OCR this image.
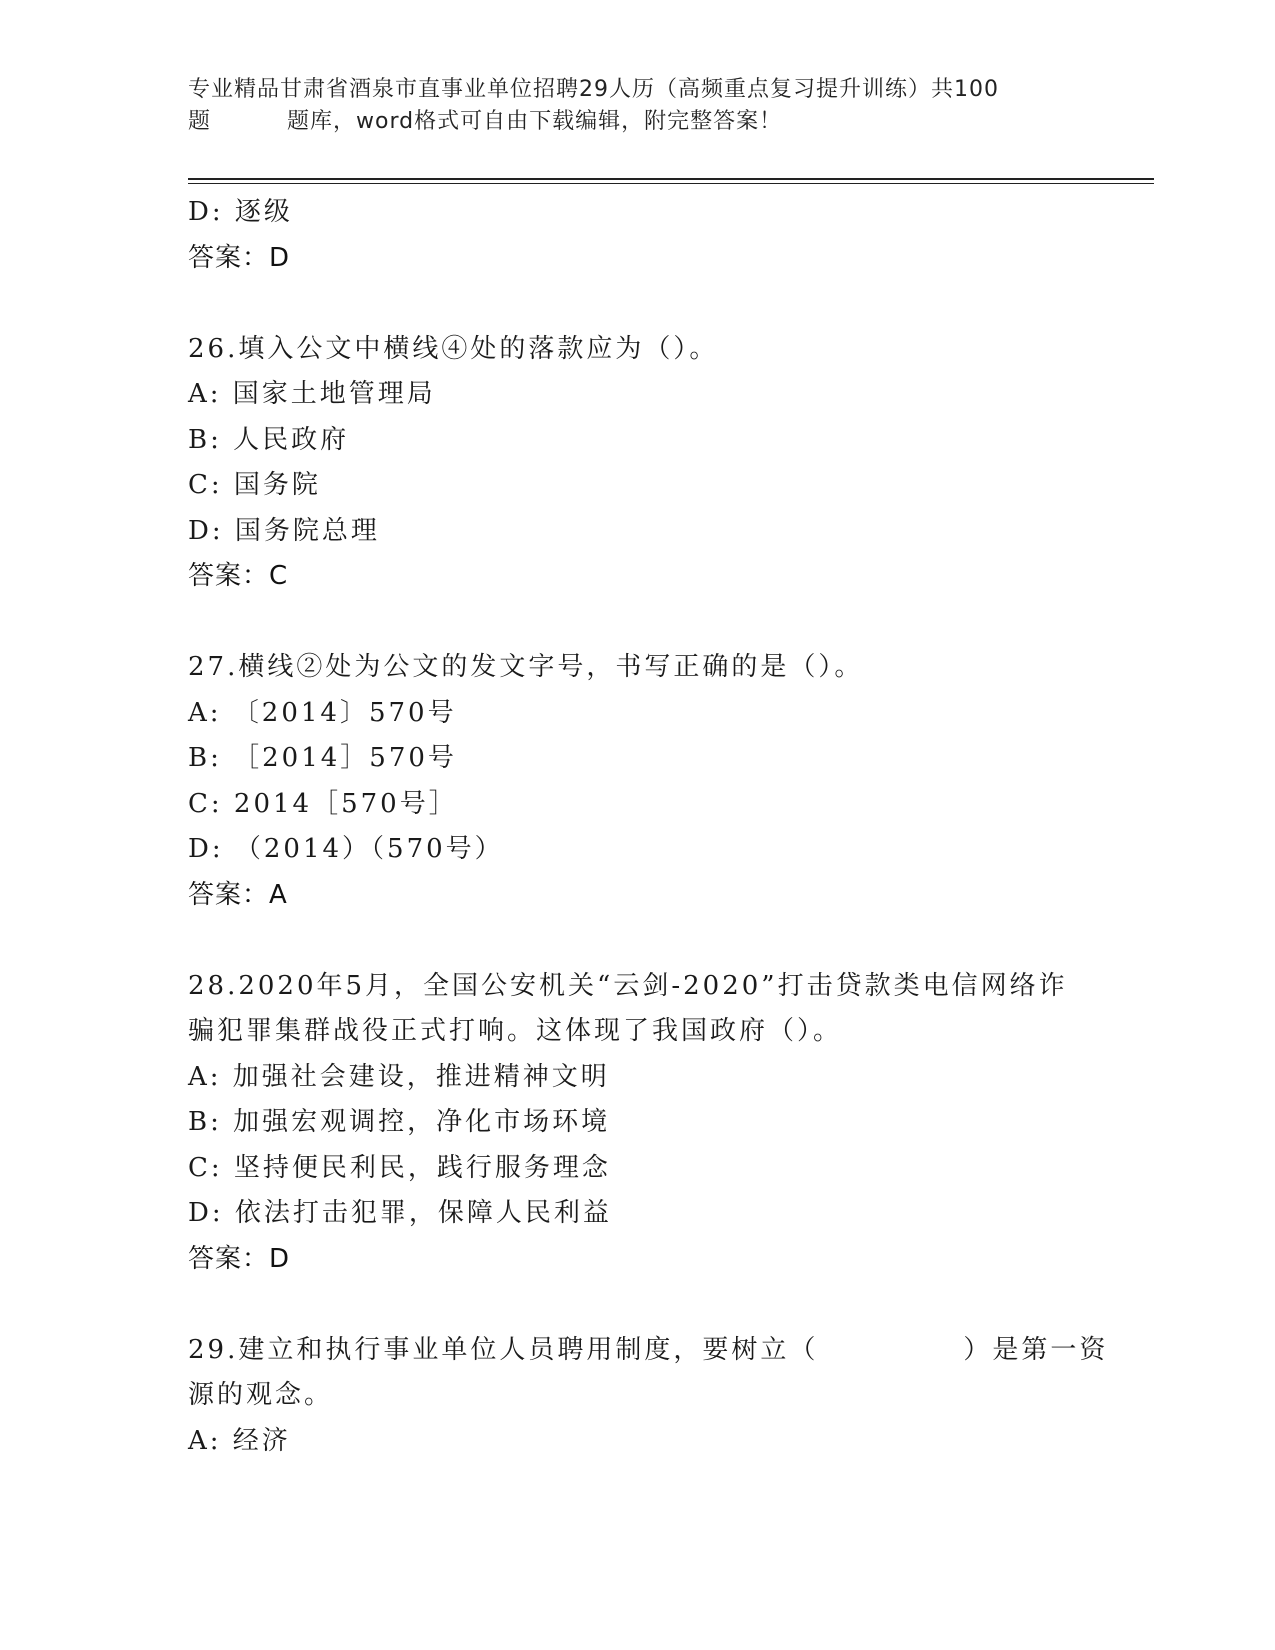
专业精品甘肃省酒泉市直事业单位招聘29人历（高频重点复习提升训练）共100
题	题库，word格式可自由下载编辑，附完整答案！
D: 逐级
答案：D
26.填入公文中横线④处的落款应为（）。
A: 国家土地管理局
B: 人民政府
C: 国务院
D: 国务院总理
答案：C
27.横线②处为公文的发文字号，书写正确的是（）。
A: 〔2014〕570号
B: ［2014］570号
C: 2014［570号］
D: （2014）（570号）
答案：A
28.2020年5月，全国公安机关“云剑-2020”打击贷款类电信网络诈
骗犯罪集群战役正式打响。这体现了我国政府（）。
A: 加强社会建设，推进精神文明
B: 加强宏观调控，净化市场环境
C: 坚持便民利民，践行服务理念
D: 依法打击犯罪，保障人民利益
答案：D
29.建立和执行事业单位人员聘用制度，要树立（　　　　　）是第一资
源的观念。
A: 经济
